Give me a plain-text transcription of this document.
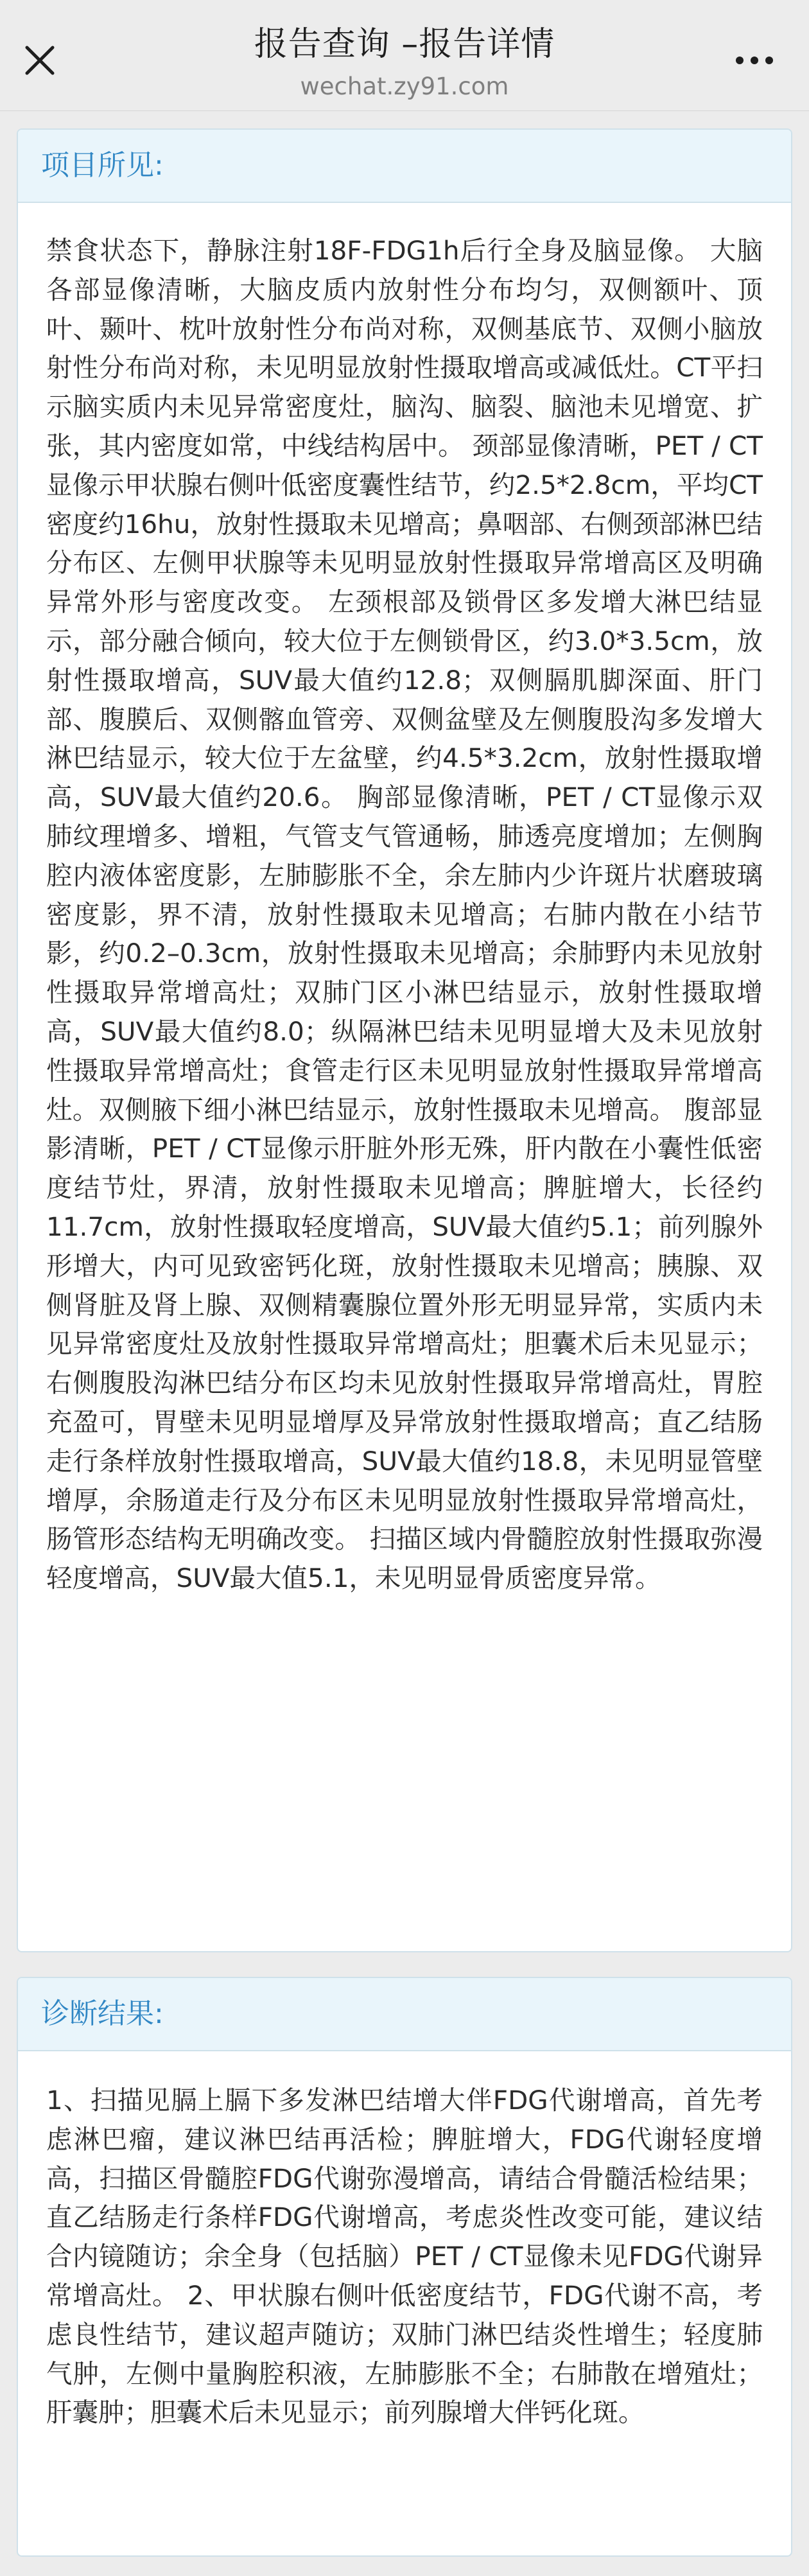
报告查询 –报告详情
wechat.zy91.com
项目所见:
禁食状态下，静脉注射18F-FDG1h后行全身及脑显像。 大脑各部显像清晰，大脑皮质内放射性分布均匀，双侧额叶、顶叶、颞叶、枕叶放射性分布尚对称，双侧基底节、双侧小脑放射性分布尚对称，未见明显放射性摄取增高或减低灶。CT平扫示脑实质内未见异常密度灶，脑沟、脑裂、脑池未见增宽、扩张，其内密度如常，中线结构居中。 颈部显像清晰，PET / CT显像示甲状腺右侧叶低密度囊性结节，约2.5*2.8cm，平均CT密度约16hu，放射性摄取未见增高；鼻咽部、右侧颈部淋巴结分布区、左侧甲状腺等未见明显放射性摄取异常增高区及明确异常外形与密度改变。 左颈根部及锁骨区多发增大淋巴结显示，部分融合倾向，较大位于左侧锁骨区，约3.0*3.5cm，放射性摄取增高，SUV最大值约12.8；双侧膈肌脚深面、肝门部、腹膜后、双侧髂血管旁、双侧盆壁及左侧腹股沟多发增大淋巴结显示，较大位于左盆壁，约4.5*3.2cm，放射性摄取增高，SUV最大值约20.6。 胸部显像清晰，PET / CT显像示双肺纹理增多、增粗，气管支气管通畅，肺透亮度增加；左侧胸腔内液体密度影，左肺膨胀不全，余左肺内少许斑片状磨玻璃密度影，界不清，放射性摄取未见增高；右肺内散在小结节影，约0.2–0.3cm，放射性摄取未见增高；余肺野内未见放射性摄取异常增高灶；双肺门区小淋巴结显示，放射性摄取增高，SUV最大值约8.0；纵隔淋巴结未见明显增大及未见放射性摄取异常增高灶；食管走行区未见明显放射性摄取异常增高灶。双侧腋下细小淋巴结显示，放射性摄取未见增高。 腹部显影清晰，PET / CT显像示肝脏外形无殊，肝内散在小囊性低密度结节灶，界清，放射性摄取未见增高；脾脏增大，长径约11.7cm，放射性摄取轻度增高，SUV最大值约5.1；前列腺外形增大，内可见致密钙化斑，放射性摄取未见增高；胰腺、双侧肾脏及肾上腺、双侧精囊腺位置外形无明显异常，实质内未见异常密度灶及放射性摄取异常增高灶；胆囊术后未见显示；右侧腹股沟淋巴结分布区均未见放射性摄取异常增高灶，胃腔充盈可，胃壁未见明显增厚及异常放射性摄取增高；直乙结肠走行条样放射性摄取增高，SUV最大值约18.8，未见明显管壁增厚，余肠道走行及分布区未见明显放射性摄取异常增高灶，肠管形态结构无明确改变。 扫描区域内骨髓腔放射性摄取弥漫轻度增高，SUV最大值5.1，未见明显骨质密度异常。
诊断结果:
1、扫描见膈上膈下多发淋巴结增大伴FDG代谢增高，首先考虑淋巴瘤，建议淋巴结再活检；脾脏增大，FDG代谢轻度增高，扫描区骨髓腔FDG代谢弥漫增高，请结合骨髓活检结果；直乙结肠走行条样FDG代谢增高，考虑炎性改变可能，建议结合内镜随访；余全身（包括脑）PET / CT显像未见FDG代谢异常增高灶。 2、甲状腺右侧叶低密度结节，FDG代谢不高，考虑良性结节，建议超声随访；双肺门淋巴结炎性增生；轻度肺气肿，左侧中量胸腔积液，左肺膨胀不全；右肺散在增殖灶；肝囊肿；胆囊术后未见显示；前列腺增大伴钙化斑。
